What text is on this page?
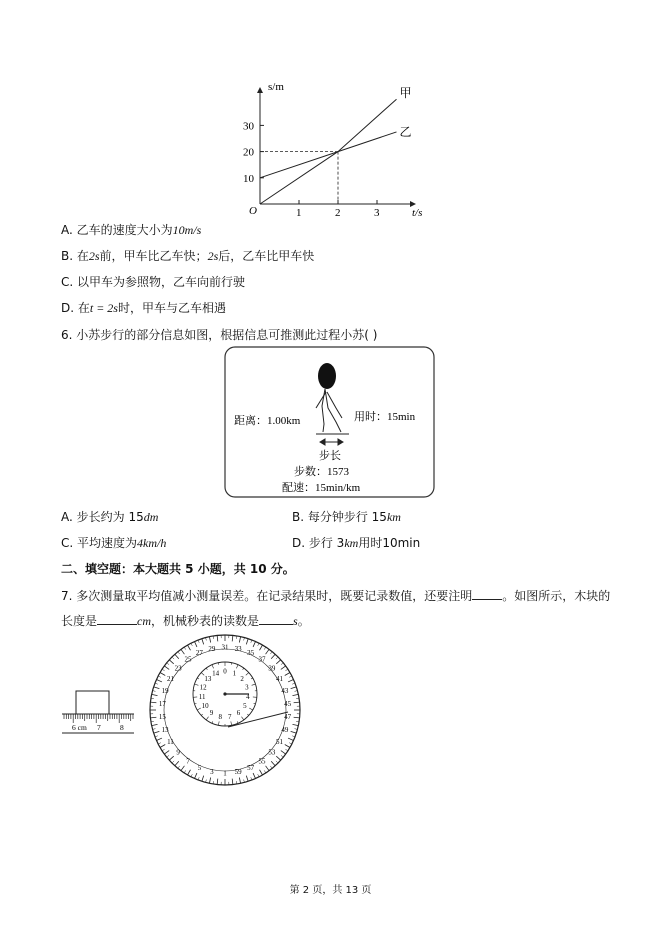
10
20
30
1	2	3
甲
乙
s/m
t/s
O
A. 乙车的速度大小为10m/s
B. 在2s前，甲车比乙车快；2s后，乙车比甲车快
C. 以甲车为参照物，乙车向前行驶
D. 在t = 2s时，甲车与乙车相遇
6. 小苏步行的部分信息如图，根据信息可推测此过程小苏( )
距离：1.00km	用时：15min
步长
步数：1573
配速：15min/km
A. 步长约为 15dm	B. 每分钟步行 15km
C. 平均速度为4km/h	D. 步行 3km用时10min
二、填空题：本大题共 5 小题，共 10 分。
7. 多次测量取平均值减小测量误差。在记录结果时，既要记录数值，还要注明	。如图所示，木块的
长度是	cm，机械秒表的读数是	s。
6 cm 7	8
31 33
35
37
39
41
43
45
47
49
51
53
55
57
59
1
3
5
7
9
11
13
15
17
19
21
23
25
27
29
0 1
2
3
4
5
6
7
8
9
10
11
12
13
14
第 2 页，共 13 页
